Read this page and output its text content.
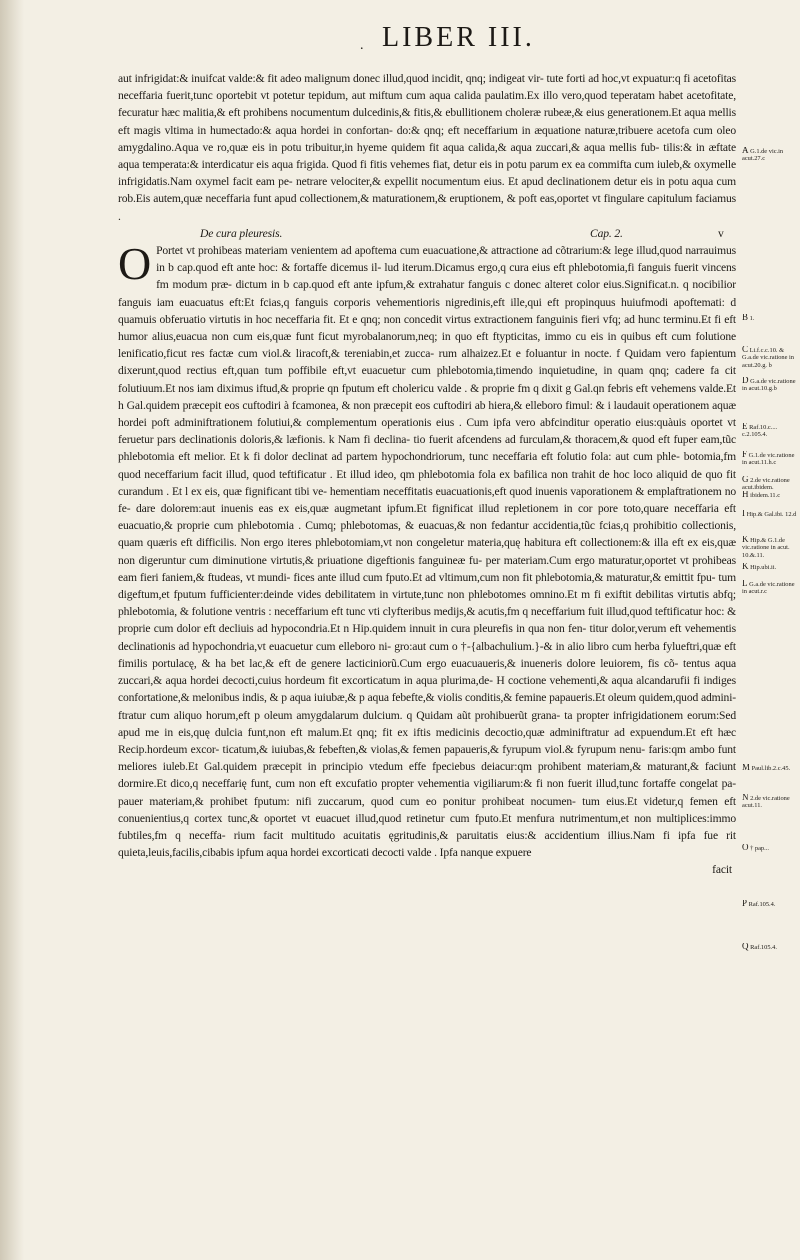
. LIBER III.

aut infrigidat:& inuifcat valde:& fit adeo malignum donec illud,quod incidit, qnq; indigeat vir- tute forti ad hoc,vt expuatur:q fi acetofitas neceffaria fuerit,tunc oportebit vt potetur tepidum, aut miftum cum aqua calida paulatim.Ex illo vero,quod teperatam habet acetofitate, fecuratur hæc malitia,& eft prohibens nocumentum dulcedinis,& fitis,& ebullitionem choleræ rubeæ,& eius generationem.Et aqua mellis eft magis vltima in humectado:& aqua hordei in confortan- do:& qnq; eft neceffarium in æquatione naturæ,tribuere acetofa cum oleo amygdalino.Aqua ve ro,quæ eis in potu tribuitur,in hyeme quidem fit aqua calida,& aqua zuccari,& aqua mellis fub- tilis:& in æftate aqua temperata:& interdicatur eis aqua frigida. Quod fi fitis vehemes fiat, detur eis in potu parum ex ea commifta cum iuleb,& oxymelle infrigidatis.Nam oxymel facit eam pe- netrare velociter,& expellit nocumentum eius. Et apud declinationem detur eis in potu aqua cum rob.Eis autem,quæ neceffaria funt apud collectionem,& maturationem,& eruptionem, & poft eas,oportet vt fingulare capitulum faciamus .

De cura pleuresis.	Cap. 2.	v

O Portet vt prohibeas materiam venientem ad apoftema cum euacuatione,& attractione ad cõtrarium:& lege illud,quod narrauimus in b cap.quod eft ante hoc: & fortaffe dicemus il- lud iterum.Dicamus ergo,q cura eius eft phlebotomia,fi fanguis fuerit vincens fm modum præ- dictum in b cap.quod eft ante ipfum,& extrahatur fanguis c donec alteret color eius.Significat.n. q nocibilior fanguis iam euacuatus eft:Et fcias,q fanguis corporis vehementioris nigredinis,eft ille,qui eft propinquus huiufmodi apoftemati: d quamuis obferuatio virtutis in hoc neceffaria fit. Et e qnq; non concedit virtus extractionem fanguinis fieri vfq; ad hunc terminu.Et fi eft humor alius,euacua non cum eis,quæ funt ficut myrobalanorum,neq; in quo eft ftypticitas, immo cu eis in quibus eft cum folutione lenificatio,ficut res factæ cum viol.& liracoft,& tereniabin,et zucca- rum alhaizez.Et e foluantur in nocte. f Quidam vero fapientum dixerunt,quod rectius eft,quan tum poffibile eft,vt euacuetur cum phlebotomia,timendo inquietudine, in quam qnq; cadere fa cit folutiuum.Et nos iam diximus iftud,& proprie qn fputum eft cholericu valde . & proprie fm q dixit g Gal.qn febris eft vehemens valde.Et h Gal.quidem præcepit eos cuftodiri à fcamonea, & non præcepit eos cuftodiri ab hiera,& elleboro fimul: & i laudauit operationem aquæ hordei poft adminiftrationem folutiui,& complementum operationis eius . Cum ipfa vero abfcinditur operatio eius:quàuis oportet vt feruetur pars declinationis doloris,& læfionis. k Nam fi declina- tio fuerit afcendens ad furculam,& thoracem,& quod eft fuper eam,tũc phlebotomia eft melior. Et k fi dolor declinat ad partem hypochondriorum, tunc neceffaria eft folutio fola: aut cum phle- botomia,fm quod neceffarium facit illud, quod teftificatur . Et illud ideo, qm phlebotomia fola ex bafilica non trahit de hoc loco aliquid de quo fit curandum . Et l ex eis, quæ fignificant tibi ve- hementiam neceffitatis euacuationis,eft quod inuenis vaporationem & emplaftrationem no fe- dare dolorem:aut inuenis eas ex eis,quæ augmetant ipfum.Et fignificat illud repletionem in cor pore toto,quare neceffaria eft euacuatio,& proprie cum phlebotomia . Cumq; phlebotomas, & euacuas,& non fedantur accidentia,tũc fcias,q prohibitio collectionis, quam quæris eft difficilis. Non ergo iteres phlebotomiam,vt non congeletur materia,quę habitura eft collectionem:& illa eft ex eis,quæ non digeruntur cum diminutione virtutis,& priuatione digeftionis fanguineæ fu- per materiam.Cum ergo maturatur,oportet vt prohibeas eam fieri faniem,& ftudeas, vt mundi- fices ante illud cum fputo.Et ad vltimum,cum non fit phlebotomia,& maturatur,& emittit fpu- tum digeftum,et fputum fufficienter:deinde vides debilitatem in virtute,tunc non phlebotomes omnino.Et m fi exiftit debilitas virtutis abfq; phlebotomia, & folutione ventris : neceffarium eft tunc vti clyfteribus medijs,& acutis,fm q neceffarium fuit illud,quod teftificatur hoc: & proprie cum dolor eft decliuis ad hypocondria.Et n Hip.quidem innuit in cura pleurefis in qua non fen- titur dolor,verum eft vehementis declinationis ad hypochondria,vt euacuetur cum elleboro ni- gro:aut cum o †-{albachulium.}-& in alio libro cum herba fylueftri,quæ eft fimilis portulacę, & ha bet lac,& eft de genere lacticiniorũ.Cum ergo euacuaueris,& inueneris dolore leuiorem, fis cõ- tentus aqua zuccari,& aqua hordei decocti,cuius hordeum fit excorticatum in aqua plurima,de- H coctione vehementi,& aqua alcandarufii fi indiges confortatione,& melonibus indis, & p aqua iuiubæ,& p aqua febefte,& violis conditis,& femine papaueris.Et oleum quidem,quod admini- ftratur cum aliquo horum,eft p oleum amygdalarum dulcium. q Quidam aũt prohibuerũt grana- ta propter infrigidationem eorum:Sed apud me in eis,quę dulcia funt,non eft malum.Et qnq; fit ex iftis medicinis decoctio,quæ adminiftratur ad expuendum.Et eft hæc Recip.hordeum excor- ticatum,& iuiubas,& febeften,& violas,& femen papaueris,& fyrupum viol.& fyrupum nenu- faris:qm ambo funt meliores iuleb.Et Gal.quidem præcepit in principio vtedum effe fpeciebus deiacur:qm prohibent materiam,& maturant,& faciunt dormire.Et dico,q neceffarię funt, cum non eft excufatio propter vehementia vigiliarum:& fi non fuerit illud,tunc fortaffe congelat pa- pauer materiam,& prohibet fputum: nifi zuccarum, quod cum eo ponitur prohibeat nocumen- tum eius.Et videtur,q femen eft conuenientius,q cortex tunc,& oportet vt euacuet illud,quod retinetur cum fputo.Et menfura nutrimentum,et non multiplices:immo fubtiles,fm q neceffa- rium facit multitudo acuitatis ęgritudinis,& paruitatis eius:& accidentium illius.Nam fi ipfa fue rit quieta,leuis,facilis,cibabis ipfum aqua hordei excorticati decocti valde . Ipfa nanque expuere

facit
A G.1.de vic.in acut.27.c
B 1.
C Li.f.c.c.10. & G.a.de vic.ratione in acut.20.g. b
D G.a.de vic.ratione in acut.10.g.b
E Raf.10.c.... c.2.105.4.
F G.1.de vic.ratione in acut.11.h.c
G 2.de vic.ratione acut.ibidem.
H ibidem.11.c
I Hip.& Gal.ibi. 12.d
K Hip.& G.1.de vic.ratione in acut. 10.&.11.
K Hip.ubi.ii.
L G.a.de vic.ratione in acut.r.c
M Paul.lib.2.c.45.
N 2.de vic.ratione acut.11.
O † pap...
P Raf.105.4.
Q Raf.105.4.
